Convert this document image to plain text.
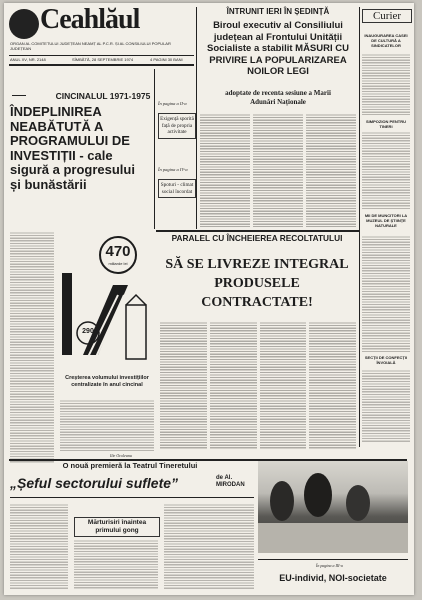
Ceahlăul
ORGAN AL COMITETULUI JUDEȚEAN NEAMȚ AL P.C.R. ȘI AL CONSILIULUI POPULAR JUDEȚEAN
ANUL XV, NR. 2148	SÎMBĂTĂ, 28 SEPTEMBRIE 1974	4 PAGINI 30 BANI
ÎNTRUNIT IERI ÎN ȘEDINȚĂ
Biroul executiv al Consiliului județean al Frontului Unității Socialiste a stabilit MĂSURI CU PRIVIRE LA POPULARIZAREA NOILOR LEGI
adoptate de recenta sesiune a Marii Adunări Naționale
Curier
INAUGURAREA CASEI DE CULTURĂ A SINDICATELOR
SIMPOZION PENTRU TINERI
MII DE MUNCITORI LA MUZEUL DE ȘTIINȚE NATURALE
SECȚII DE CONFECȚII ÎNVOIALĂ
CINCINALUL 1971-1975
ÎNDEPLINIREA NEABĂTUTĂ A PROGRAMULUI DE INVESTIȚII - cale sigură a progresului și bunăstării
470
miliarde lei
290
Creșterea volumului investițiilor centralizate în anul cincinal
Ilie Ocoleanu
În pagina a II-a
Exigență sporită față de propria activitate
În pagina a IV-a
Spoturi - climat social încordat
PARALEL CU ÎNCHEIEREA RECOLTATULUI
SĂ SE LIVREZE INTEGRAL PRODUSELE CONTRACTATE!
O nouă premieră la Teatrul Tineretului
„Șeful sectorului suflete”	de Al. MIRODAN
Mărturisiri înaintea primului gong
În pagina a III-a
EU-individ, NOI-societate
